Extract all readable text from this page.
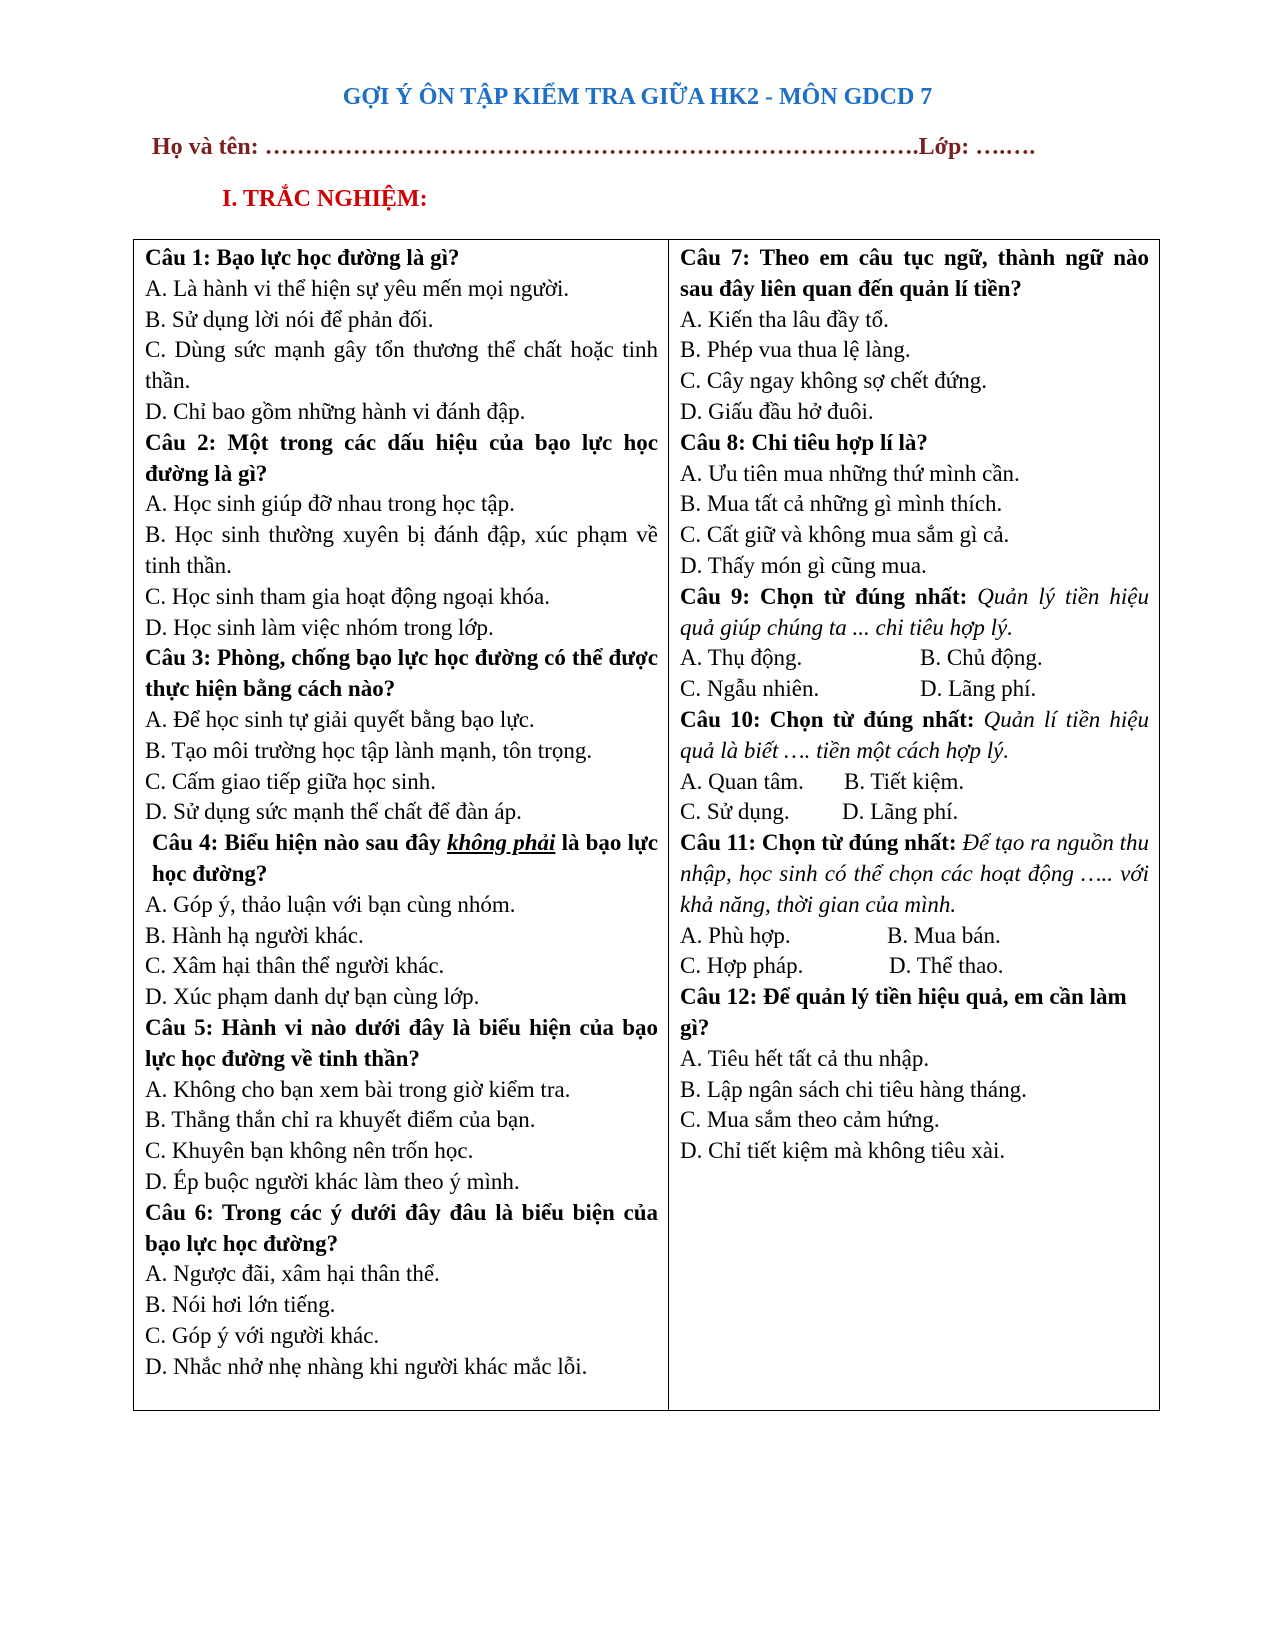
GỢI Ý ÔN TẬP KIỂM TRA GIỮA HK2 - MÔN GDCD 7
Họ và tên: ……………………………………………………………………….Lớp: ….….
I. TRẮC NGHIỆM:
Câu 1: Bạo lực học đường là gì?
A. Là hành vi thể hiện sự yêu mến mọi người.
B. Sử dụng lời nói để phản đối.
C. Dùng sức mạnh gây tổn thương thể chất hoặc tinh thần.
D. Chỉ bao gồm những hành vi đánh đập.
Câu 2: Một trong các dấu hiệu của bạo lực học đường là gì?
A. Học sinh giúp đỡ nhau trong học tập.
B. Học sinh thường xuyên bị đánh đập, xúc phạm về tinh thần.
C. Học sinh tham gia hoạt động ngoại khóa.
D. Học sinh làm việc nhóm trong lớp.
Câu 3: Phòng, chống bạo lực học đường có thể được thực hiện bằng cách nào?
A. Để học sinh tự giải quyết bằng bạo lực.
B. Tạo môi trường học tập lành mạnh, tôn trọng.
C. Cấm giao tiếp giữa học sinh.
D. Sử dụng sức mạnh thể chất để đàn áp.
Câu 4: Biểu hiện nào sau đây không phải là bạo lực học đường?
A. Góp ý, thảo luận với bạn cùng nhóm.
B. Hành hạ người khác.
C. Xâm hại thân thể người khác.
D. Xúc phạm danh dự bạn cùng lớp.
Câu 5: Hành vi nào dưới đây là biểu hiện của bạo lực học đường về tinh thần?
A. Không cho bạn xem bài trong giờ kiểm tra.
B. Thẳng thắn chỉ ra khuyết điểm của bạn.
C. Khuyên bạn không nên trốn học.
D. Ép buộc người khác làm theo ý mình.
Câu 6: Trong các ý dưới đây đâu là biểu biện của bạo lực học đường?
A. Ngược đãi, xâm hại thân thể.
B. Nói hơi lớn tiếng.
C. Góp ý với người khác.
D. Nhắc nhở nhẹ nhàng khi người khác mắc lỗi.
Câu 7: Theo em câu tục ngữ, thành ngữ nào sau đây liên quan đến quản lí tiền?
A. Kiến tha lâu đầy tổ.
B. Phép vua thua lệ làng.
C. Cây ngay không sợ chết đứng.
D. Giấu đầu hở đuôi.
Câu 8: Chi tiêu hợp lí là?
A. Ưu tiên mua những thứ mình cần.
B. Mua tất cả những gì mình thích.
C. Cất giữ và không mua sắm gì cả.
D. Thấy món gì cũng mua.
Câu 9: Chọn từ đúng nhất: Quản lý tiền hiệu quả giúp chúng ta ... chi tiêu hợp lý.
A. Thụ động.	B. Chủ động.
C. Ngẫu nhiên.	D. Lãng phí.
Câu 10: Chọn từ đúng nhất: Quản lí tiền hiệu quả là biết …. tiền một cách hợp lý.
A. Quan tâm.	B. Tiết kiệm.
C. Sử dụng.	D. Lãng phí.
Câu 11: Chọn từ đúng nhất: Để tạo ra nguồn thu nhập, học sinh có thể chọn các hoạt động ….. với khả năng, thời gian của mình.
A. Phù hợp.	B. Mua bán.
C. Hợp pháp.	D. Thể thao.
Câu 12: Để quản lý tiền hiệu quả, em cần làm gì?
A. Tiêu hết tất cả thu nhập.
B. Lập ngân sách chi tiêu hàng tháng.
C. Mua sắm theo cảm hứng.
D. Chỉ tiết kiệm mà không tiêu xài.
